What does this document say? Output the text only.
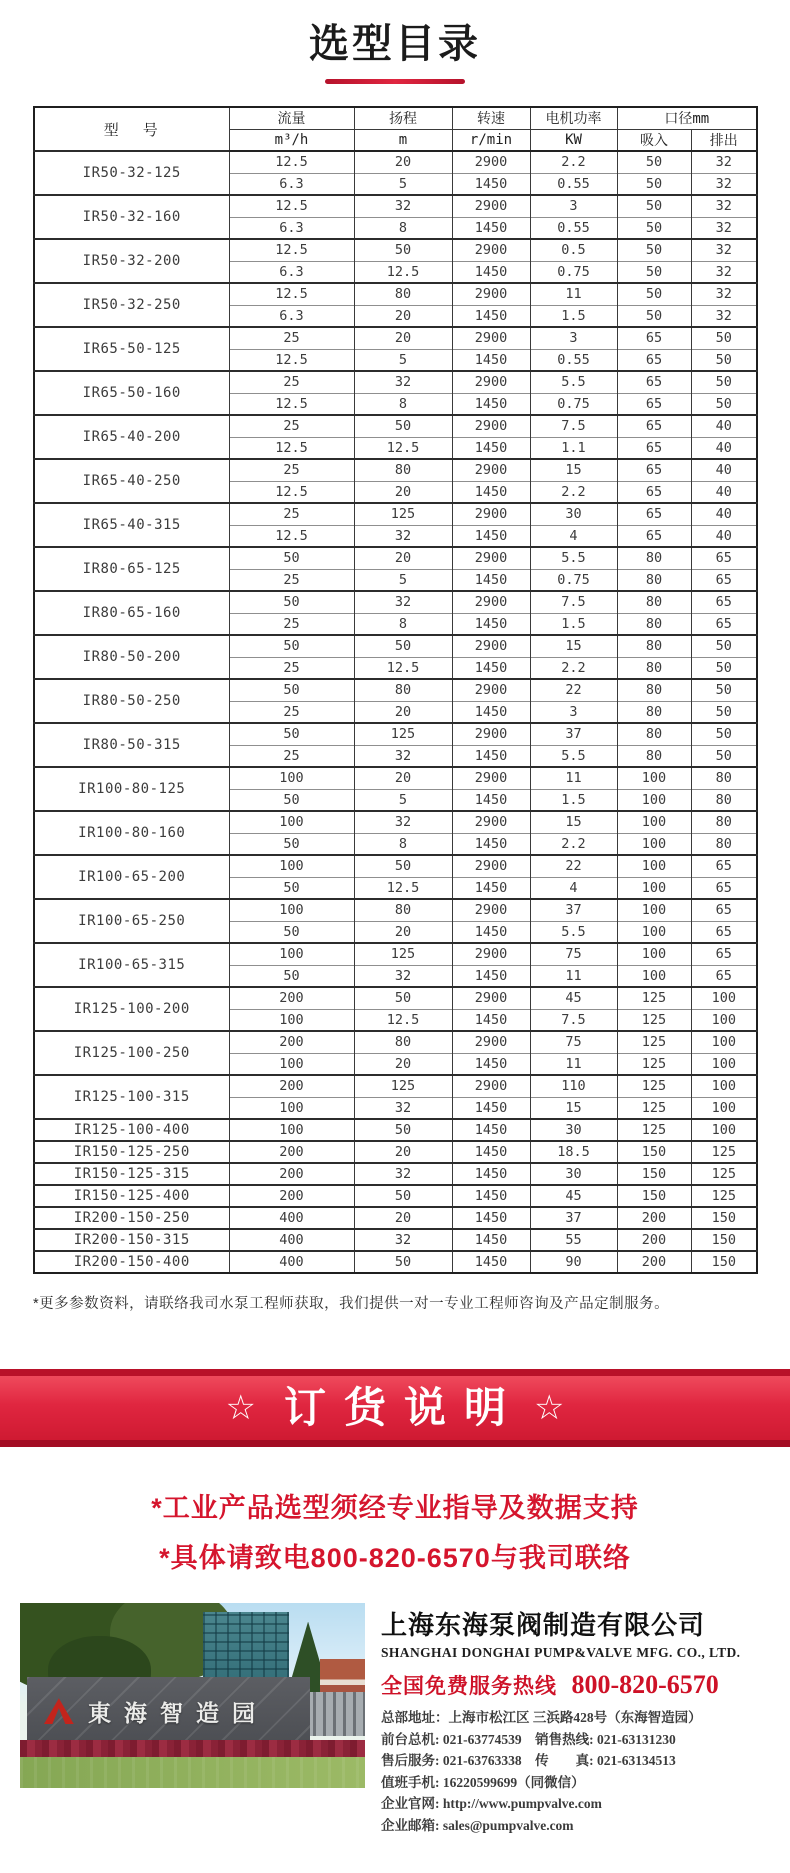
选型目录
型  号	流量	扬程	转速	电机功率	口径mm	
	m³/h	m	r/min	KW	吸入	排出
IR50-32-125	12.5	20	2900	2.2	50	32
	6.3	5	1450	0.55	50	32
IR50-32-160	12.5	32	2900	3	50	32
	6.3	8	1450	0.55	50	32
IR50-32-200	12.5	50	2900	0.5	50	32
	6.3	12.5	1450	0.75	50	32
IR50-32-250	12.5	80	2900	11	50	32
	6.3	20	1450	1.5	50	32
IR65-50-125	25	20	2900	3	65	50
	12.5	5	1450	0.55	65	50
IR65-50-160	25	32	2900	5.5	65	50
	12.5	8	1450	0.75	65	50
IR65-40-200	25	50	2900	7.5	65	40
	12.5	12.5	1450	1.1	65	40
IR65-40-250	25	80	2900	15	65	40
	12.5	20	1450	2.2	65	40
IR65-40-315	25	125	2900	30	65	40
	12.5	32	1450	4	65	40
IR80-65-125	50	20	2900	5.5	80	65
	25	5	1450	0.75	80	65
IR80-65-160	50	32	2900	7.5	80	65
	25	8	1450	1.5	80	65
IR80-50-200	50	50	2900	15	80	50
	25	12.5	1450	2.2	80	50
IR80-50-250	50	80	2900	22	80	50
	25	20	1450	3	80	50
IR80-50-315	50	125	2900	37	80	50
	25	32	1450	5.5	80	50
IR100-80-125	100	20	2900	11	100	80
	50	5	1450	1.5	100	80
IR100-80-160	100	32	2900	15	100	80
	50	8	1450	2.2	100	80
IR100-65-200	100	50	2900	22	100	65
	50	12.5	1450	4	100	65
IR100-65-250	100	80	2900	37	100	65
	50	20	1450	5.5	100	65
IR100-65-315	100	125	2900	75	100	65
	50	32	1450	11	100	65
IR125-100-200	200	50	2900	45	125	100
	100	12.5	1450	7.5	125	100
IR125-100-250	200	80	2900	75	125	100
	100	20	1450	11	125	100
IR125-100-315	200	125	2900	110	125	100
	100	32	1450	15	125	100
IR125-100-400	100	50	1450	30	125	100
IR150-125-250	200	20	1450	18.5	150	125
IR150-125-315	200	32	1450	30	150	125
IR150-125-400	200	50	1450	45	150	125
IR200-150-250	400	20	1450	37	200	150
IR200-150-315	400	32	1450	55	200	150
IR200-150-400	400	50	1450	90	200	150
*更多参数资料，请联络我司水泵工程师获取，我们提供一对一专业工程师咨询及产品定制服务。
☆ 订货说明 ☆
*工业产品选型须经专业指导及数据支持
*具体请致电800-820-6570与我司联络
東海智造园
上海东海泵阀制造有限公司
SHANGHAI DONGHAI PUMP&VALVE MFG. CO., LTD.
全国免费服务热线 800-820-6570
总部地址：上海市松江区 三浜路428号（东海智造园）
前台总机: 021-63774539　销售热线: 021-63131230
售后服务: 021-63763338　传　　真: 021-63134513
值班手机: 16220599699（同微信）
企业官网: http://www.pumpvalve.com
企业邮箱: sales@pumpvalve.com
